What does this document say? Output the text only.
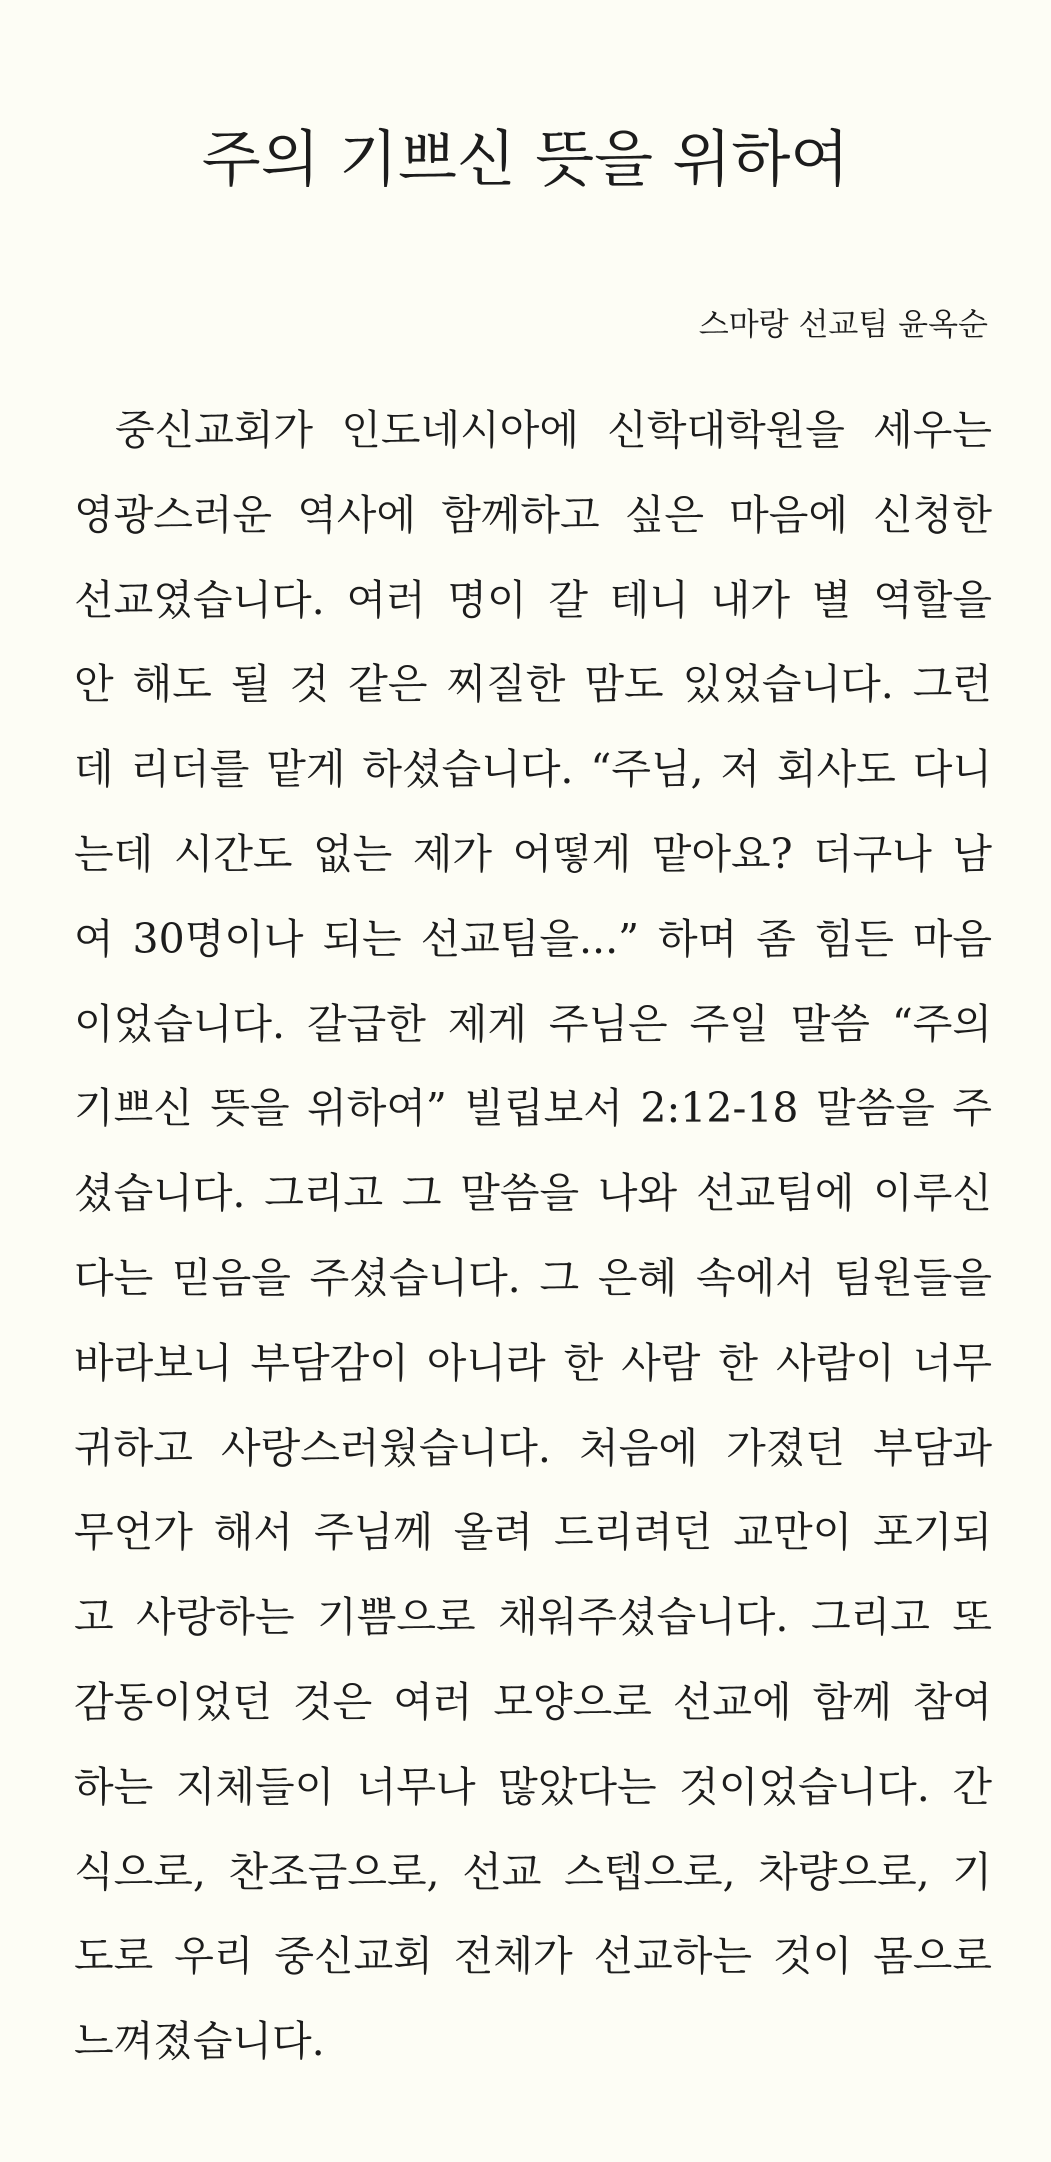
주의 기쁘신 뜻을 위하여
스마랑 선교팀 윤옥순
중신교회가 인도네시아에 신학대학원을 세우는
영광스러운 역사에 함께하고 싶은 마음에 신청한
선교였습니다. 여러 명이 갈 테니 내가 별 역할을
안 해도 될 것 같은 찌질한 맘도 있었습니다. 그런
데 리더를 맡게 하셨습니다. “주님, 저 회사도 다니
는데 시간도 없는 제가 어떻게 맡아요? 더구나 남
여 30명이나 되는 선교팀을...” 하며 좀 힘든 마음
이었습니다. 갈급한 제게 주님은 주일 말씀 “주의
기쁘신 뜻을 위하여” 빌립보서 2:12-18 말씀을 주
셨습니다. 그리고 그 말씀을 나와 선교팀에 이루신
다는 믿음을 주셨습니다. 그 은혜 속에서 팀원들을
바라보니 부담감이 아니라 한 사람 한 사람이 너무
귀하고 사랑스러웠습니다. 처음에 가졌던 부담과
무언가 해서 주님께 올려 드리려던 교만이 포기되
고 사랑하는 기쁨으로 채워주셨습니다. 그리고 또
감동이었던 것은 여러 모양으로 선교에 함께 참여
하는 지체들이 너무나 많았다는 것이었습니다. 간
식으로, 찬조금으로, 선교 스텝으로, 차량으로, 기
도로 우리 중신교회 전체가 선교하는 것이 몸으로
느껴졌습니다.
